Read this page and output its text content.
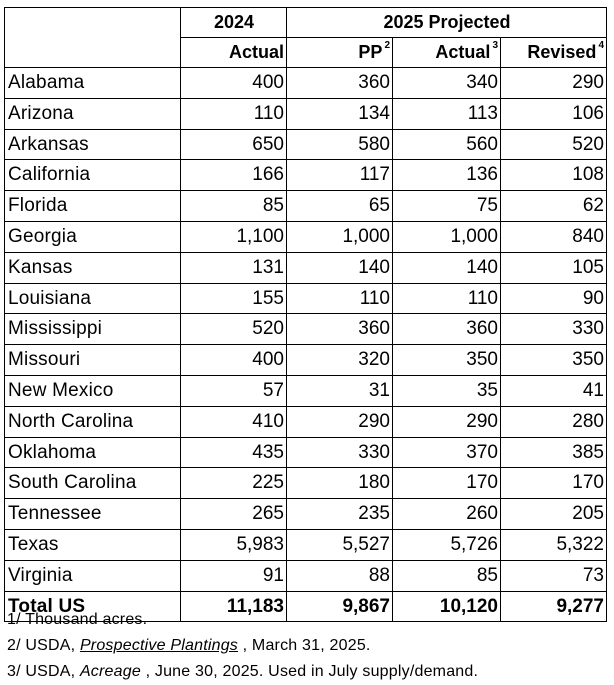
	2024	2025 Projected		
	Actual	PP $^2$	Actual $^3$	Revised $^4$
Alabama	400	360	340	290
Arizona	110	134	113	106
Arkansas	650	580	560	520
California	166	117	136	108
Florida	85	65	75	62
Georgia	1,100	1,000	1,000	840
Kansas	131	140	140	105
Louisiana	155	110	110	90
Mississippi	520	360	360	330
Missouri	400	320	350	350
New Mexico	57	31	35	41
North Carolina	410	290	290	280
Oklahoma	435	330	370	385
South Carolina	225	180	170	170
Tennessee	265	235	260	205
Texas	5,983	5,527	5,726	5,322
Virginia	91	88	85	73
Total US	11,183	9,867	10,120	9,277
1/ Thousand acres.
2/ USDA, Prospective Plantings , March 31, 2025.
3/ USDA, Acreage , June 30, 2025. Used in July supply/demand.
